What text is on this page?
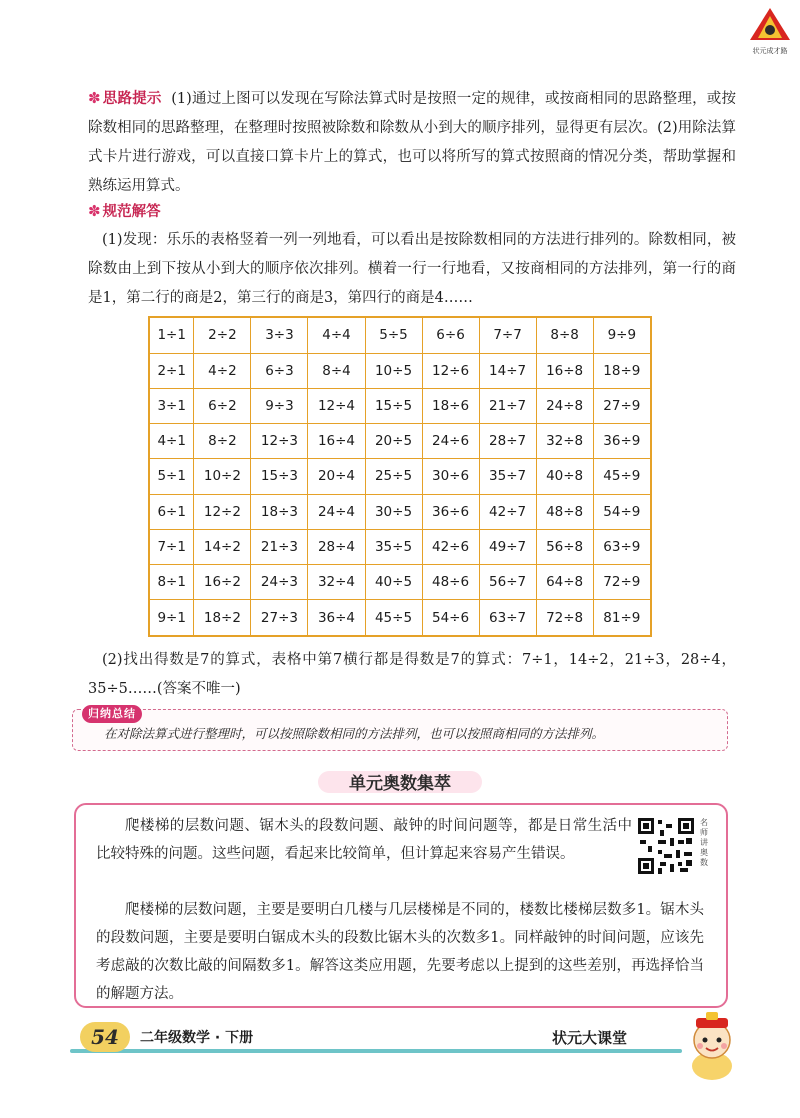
状元成才路
✽ 思路提示 (1)通过上图可以发现在写除法算式时是按照一定的规律，或按商相同的思路整理，或按除数相同的思路整理，在整理时按照被除数和除数从小到大的顺序排列，显得更有层次。(2)用除法算式卡片进行游戏，可以直接口算卡片上的算式，也可以将所写的算式按照商的情况分类，帮助掌握和熟练运用算式。
✽ 规范解答
(1)发现：乐乐的表格竖着一列一列地看，可以看出是按除数相同的方法进行排列的。除数相同，被除数由上到下按从小到大的顺序依次排列。横着一行一行地看，又按商相同的方法排列，第一行的商是1，第二行的商是2，第三行的商是3，第四行的商是4……
1÷1	2÷2	3÷3	4÷4	5÷5	6÷6	7÷7	8÷8	9÷9
2÷1	4÷2	6÷3	8÷4	10÷5	12÷6	14÷7	16÷8	18÷9
3÷1	6÷2	9÷3	12÷4	15÷5	18÷6	21÷7	24÷8	27÷9
4÷1	8÷2	12÷3	16÷4	20÷5	24÷6	28÷7	32÷8	36÷9
5÷1	10÷2	15÷3	20÷4	25÷5	30÷6	35÷7	40÷8	45÷9
6÷1	12÷2	18÷3	24÷4	30÷5	36÷6	42÷7	48÷8	54÷9
7÷1	14÷2	21÷3	28÷4	35÷5	42÷6	49÷7	56÷8	63÷9
8÷1	16÷2	24÷3	32÷4	40÷5	48÷6	56÷7	64÷8	72÷9
9÷1	18÷2	27÷3	36÷4	45÷5	54÷6	63÷7	72÷8	81÷9
(2)找出得数是7的算式，表格中第7横行都是得数是7的算式：7÷1，14÷2，21÷3，28÷4，35÷5……(答案不唯一)
归纳总结
在对除法算式进行整理时，可以按照除数相同的方法排列，也可以按照商相同的方法排列。
单元奥数集萃
爬楼梯的层数问题、锯木头的段数问题、敲钟的时间问题等，都是日常生活中比较特殊的问题。这些问题，看起来比较简单，但计算起来容易产生错误。
爬楼梯的层数问题，主要是要明白几楼与几层楼梯是不同的，楼数比楼梯层数多1。锯木头的段数问题，主要是要明白锯成木头的段数比锯木头的次数多1。同样敲钟的时间问题，应该先考虑敲的次数比敲的间隔数多1。解答这类应用题，先要考虑以上提到的这些差别，再选择恰当的解题方法。
名师讲奥数
54	二年级数学 · 下册	状元大课堂
